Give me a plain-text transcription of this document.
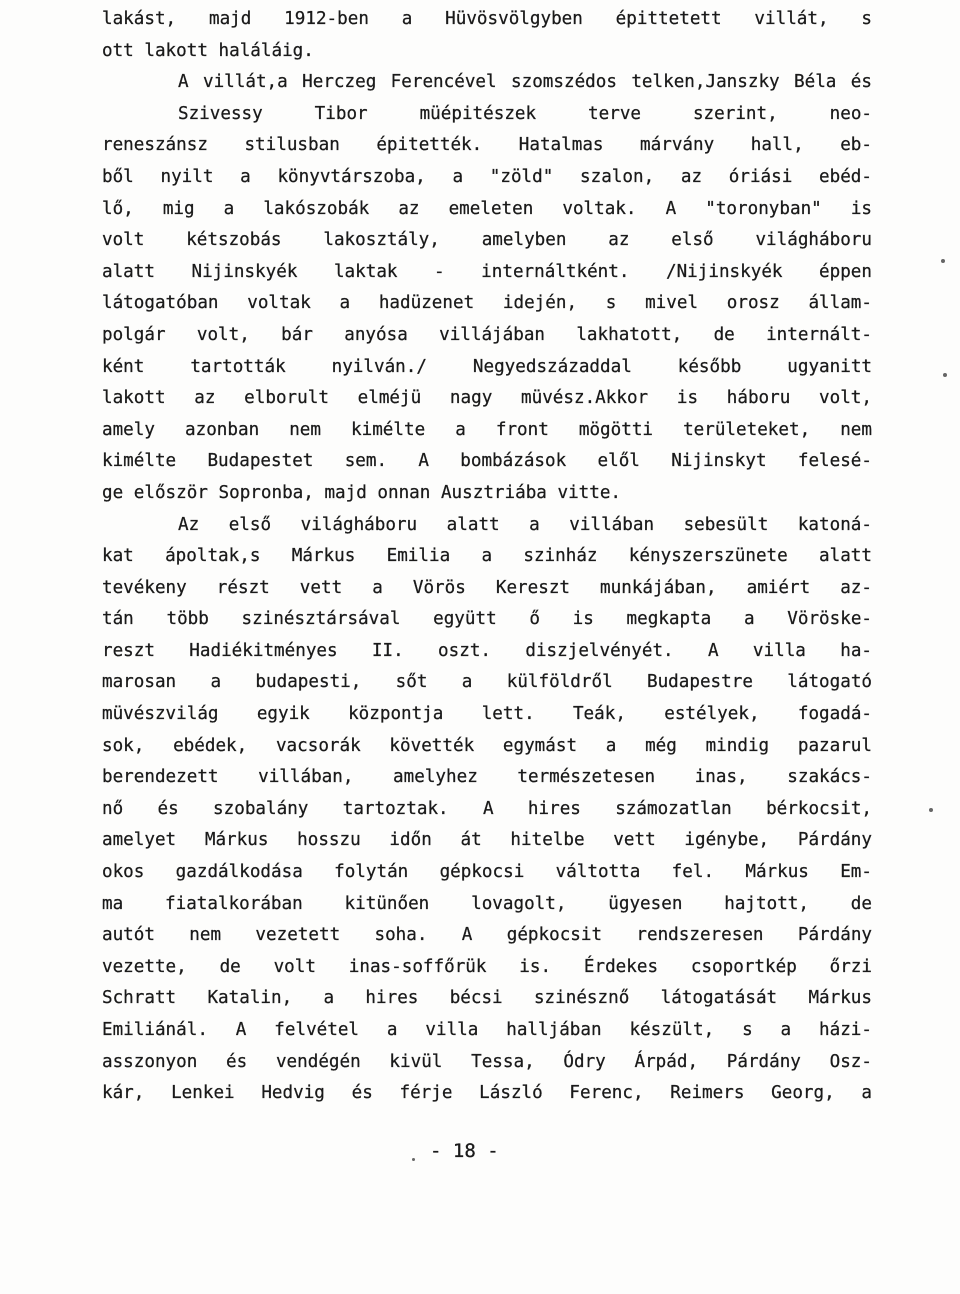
lakást, majd 1912-ben a Hüvösvölgyben épittetett villát, s
ott lakott haláláig.
A villát,a Herczeg Ferencével szomszédos telken,Janszky Béla és Szivessy Tibor müépitészek terve szerint, neo-
reneszánsz stilusban épitették. Hatalmas márvány hall, eb-
ből nyilt a könyvtárszoba, a "zöld" szalon, az óriási ebéd-
lő, mig a lakószobák az emeleten voltak. A "toronyban" is
volt kétszobás lakosztály, amelyben az első világháboru
alatt Nijinskyék laktak - internáltként. /Nijinskyék éppen
látogatóban voltak a hadüzenet idején, s mivel orosz állam-
polgár volt, bár anyósa villájában lakhatott, de internált-
ként tartották nyilván./ Negyedszázaddal később ugyanitt
lakott az elborult elméjü nagy müvész.Akkor is háboru volt,
amely azonban nem kimélte a front mögötti területeket, nem
kimélte Budapestet sem. A bombázások elől Nijinskyt felesé-
ge először Sopronba, majd onnan Ausztriába vitte.
Az első világháboru alatt a villában sebesült katoná-
kat ápoltak,s Márkus Emilia a szinház kényszerszünete alatt
tevékeny részt vett a Vörös Kereszt munkájában, amiért az-
tán több szinésztársával együtt ő is megkapta a Vöröske-
reszt Hadiékitményes II. oszt. diszjelvényét. A villa ha-
marosan a budapesti, sőt a külföldről Budapestre látogató
müvészvilág egyik központja lett. Teák, estélyek, fogadá-
sok, ebédek, vacsorák követték egymást a még mindig pazarul
berendezett villában, amelyhez természetesen inas, szakács-
nő és szobalány tartoztak. A hires számozatlan bérkocsit,
amelyet Márkus hosszu időn át hitelbe vett igénybe, Párdány
okos gazdálkodása folytán gépkocsi váltotta fel. Márkus Em-
ma fiatalkorában kitünően lovagolt, ügyesen hajtott, de
autót nem vezetett soha. A gépkocsit rendszeresen Párdány
vezette, de volt inas-soffőrük is. Érdekes csoportkép őrzi
Schratt Katalin, a hires bécsi szinésznő látogatását Márkus
Emiliánál. A felvétel a villa halljában készült, s a házi-
asszonyon és vendégén kivül Tessa, Ódry Árpád, Párdány Osz-
kár, Lenkei Hedvig és férje László Ferenc, Reimers Georg, a
- 18 -
